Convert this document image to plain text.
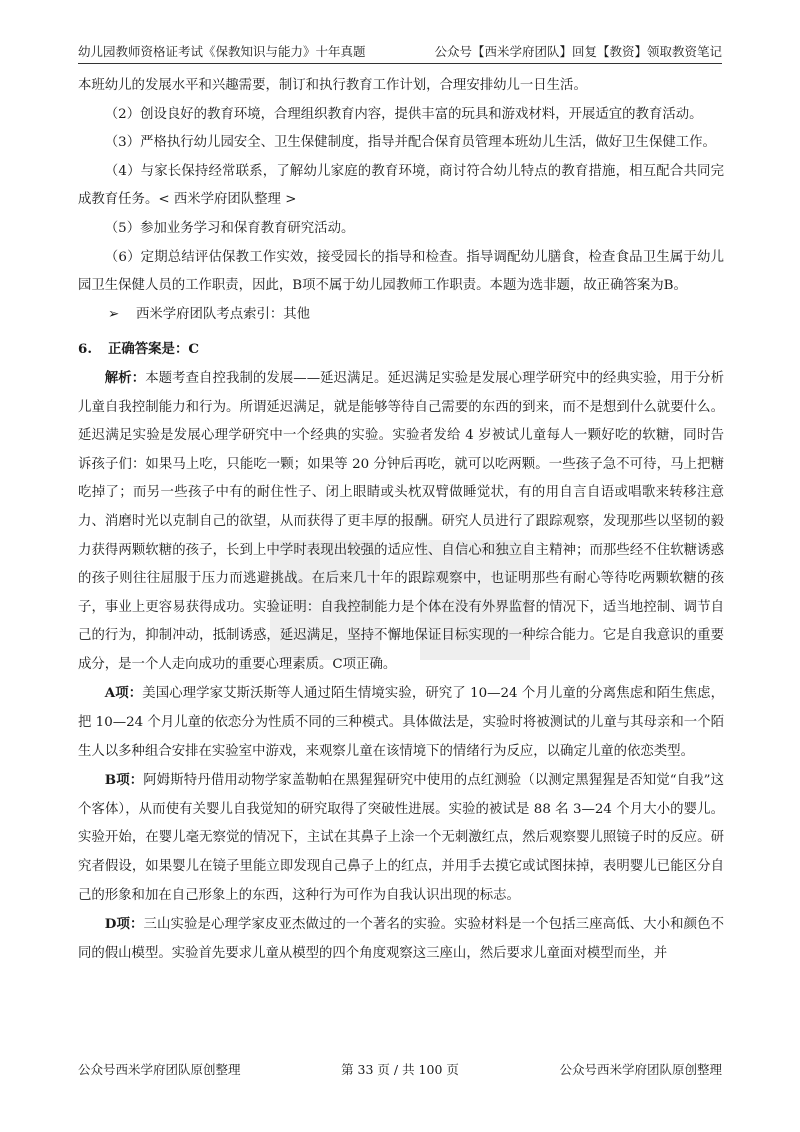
幼儿园教师资格证考试《保教知识与能力》十年真题	公众号【西米学府团队】回复【教资】领取教资笔记

本班幼儿的发展水平和兴趣需要，制订和执行教育工作计划，合理安排幼儿一日生活。

（2）创设良好的教育环境，合理组织教育内容，提供丰富的玩具和游戏材料，开展适宜的教育活动。

（3）严格执行幼儿园安全、卫生保健制度，指导并配合保育员管理本班幼儿生活，做好卫生保健工作。

（4）与家长保持经常联系，了解幼儿家庭的教育环境，商讨符合幼儿特点的教育措施，相互配合共同完成教育任务。< 西米学府团队整理 >

（5）参加业务学习和保育教育研究活动。

（6）定期总结评估保教工作实效，接受园长的指导和检查。指导调配幼儿膳食，检查食品卫生属于幼儿园卫生保健人员的工作职责，因此，B项不属于幼儿园教师工作职责。本题为选非题，故正确答案为B。

➢ 西米学府团队考点索引：其他

6. 正确答案是：C

解析：本题考查自控我制的发展——延迟满足。延迟满足实验是发展心理学研究中的经典实验，用于分析儿童自我控制能力和行为。所谓延迟满足，就是能够等待自己需要的东西的到来，而不是想到什么就要什么。延迟满足实验是发展心理学研究中一个经典的实验。实验者发给 4 岁被试儿童每人一颗好吃的软糖，同时告诉孩子们：如果马上吃，只能吃一颗；如果等 20 分钟后再吃，就可以吃两颗。一些孩子急不可待，马上把糖吃掉了；而另一些孩子中有的耐住性子、闭上眼睛或头枕双臂做睡觉状，有的用自言自语或唱歌来转移注意力、消磨时光以克制自己的欲望，从而获得了更丰厚的报酬。研究人员进行了跟踪观察，发现那些以坚韧的毅力获得两颗软糖的孩子，长到上中学时表现出较强的适应性、自信心和独立自主精神；而那些经不住软糖诱惑的孩子则往往屈服于压力而逃避挑战。在后来几十年的跟踪观察中，也证明那些有耐心等待吃两颗软糖的孩子，事业上更容易获得成功。实验证明：自我控制能力是个体在没有外界监督的情况下，适当地控制、调节自己的行为，抑制冲动，抵制诱惑，延迟满足，坚持不懈地保证目标实现的一种综合能力。它是自我意识的重要成分，是一个人走向成功的重要心理素质。C项正确。

A项：美国心理学家艾斯沃斯等人通过陌生情境实验，研究了 10—24 个月儿童的分离焦虑和陌生焦虑，把 10—24 个月儿童的依恋分为性质不同的三种模式。具体做法是，实验时将被测试的儿童与其母亲和一个陌生人以多种组合安排在实验室中游戏，来观察儿童在该情境下的情绪行为反应，以确定儿童的依恋类型。

B项：阿姆斯特丹借用动物学家盖勒帕在黑猩猩研究中使用的点红测验（以测定黑猩猩是否知觉“自我”这个客体），从而使有关婴儿自我觉知的研究取得了突破性进展。实验的被试是 88 名 3—24 个月大小的婴儿。实验开始，在婴儿毫无察觉的情况下，主试在其鼻子上涂一个无刺激红点，然后观察婴儿照镜子时的反应。研究者假设，如果婴儿在镜子里能立即发现自己鼻子上的红点，并用手去摸它或试图抹掉，表明婴儿已能区分自己的形象和加在自己形象上的东西，这种行为可作为自我认识出现的标志。

D项：三山实验是心理学家皮亚杰做过的一个著名的实验。实验材料是一个包括三座高低、大小和颜色不同的假山模型。实验首先要求儿童从模型的四个角度观察这三座山，然后要求儿童面对模型而坐，并

公众号西米学府团队原创整理	第 33 页 / 共 100 页	公众号西米学府团队原创整理
